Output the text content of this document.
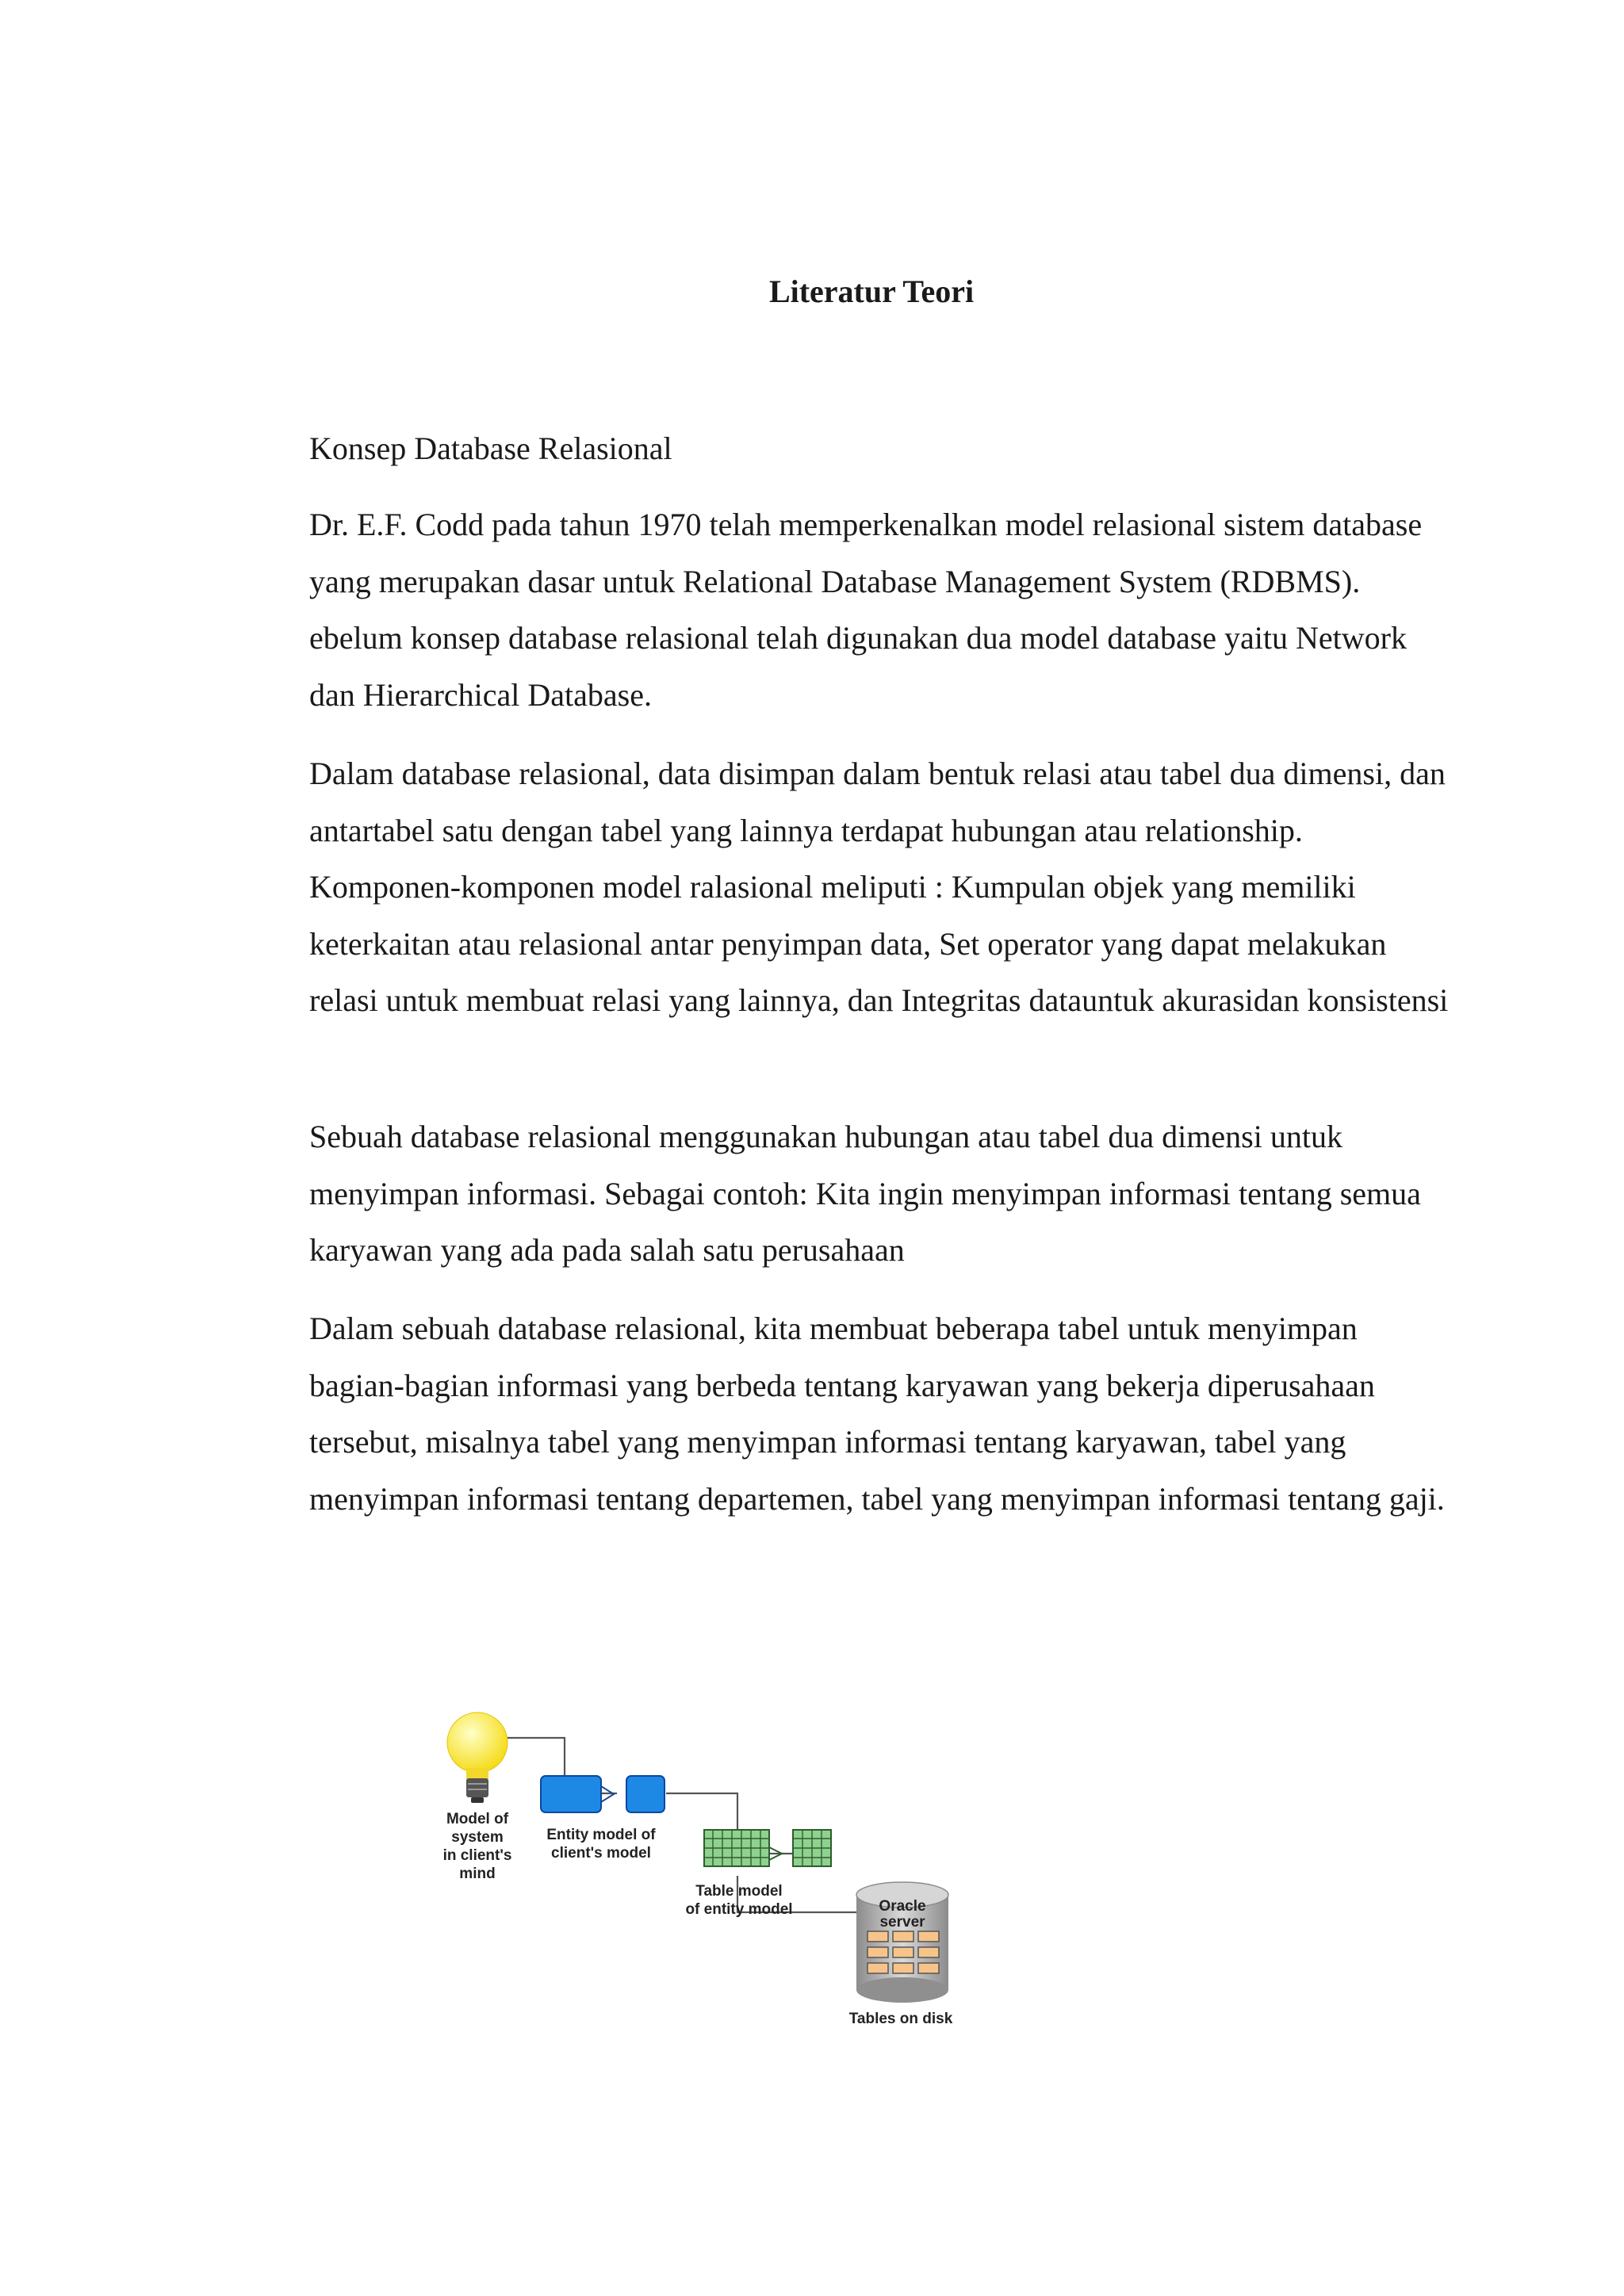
Literatur Teori

Konsep Database Relasional

Dr. E.F. Codd pada tahun 1970 telah memperkenalkan model relasional sistem database yang merupakan dasar untuk Relational Database Management System (RDBMS). ebelum konsep database relasional telah digunakan dua model database yaitu Network dan Hierarchical Database.

Dalam database relasional, data disimpan dalam bentuk relasi atau tabel dua dimensi, dan antartabel satu dengan tabel yang lainnya terdapat hubungan atau relationship. Komponen-komponen model ralasional meliputi : Kumpulan objek yang memiliki keterkaitan atau relasional antar penyimpan data, Set operator yang dapat melakukan relasi untuk membuat relasi yang lainnya, dan Integritas datauntuk akurasidan konsistensi

Sebuah database relasional menggunakan hubungan atau tabel dua dimensi untuk menyimpan informasi. Sebagai contoh: Kita ingin menyimpan informasi tentang semua karyawan yang ada pada salah satu perusahaan

Dalam sebuah database relasional, kita membuat beberapa tabel untuk menyimpan bagian-bagian informasi yang berbeda tentang karyawan yang bekerja diperusahaan tersebut, misalnya tabel yang menyimpan informasi tentang karyawan, tabel yang menyimpan informasi tentang departemen, tabel yang menyimpan informasi tentang gaji.

Model of
system
in client's
mind
Entity model of
client's model
Table model
of entity model	Oracle
server
Tables on disk
